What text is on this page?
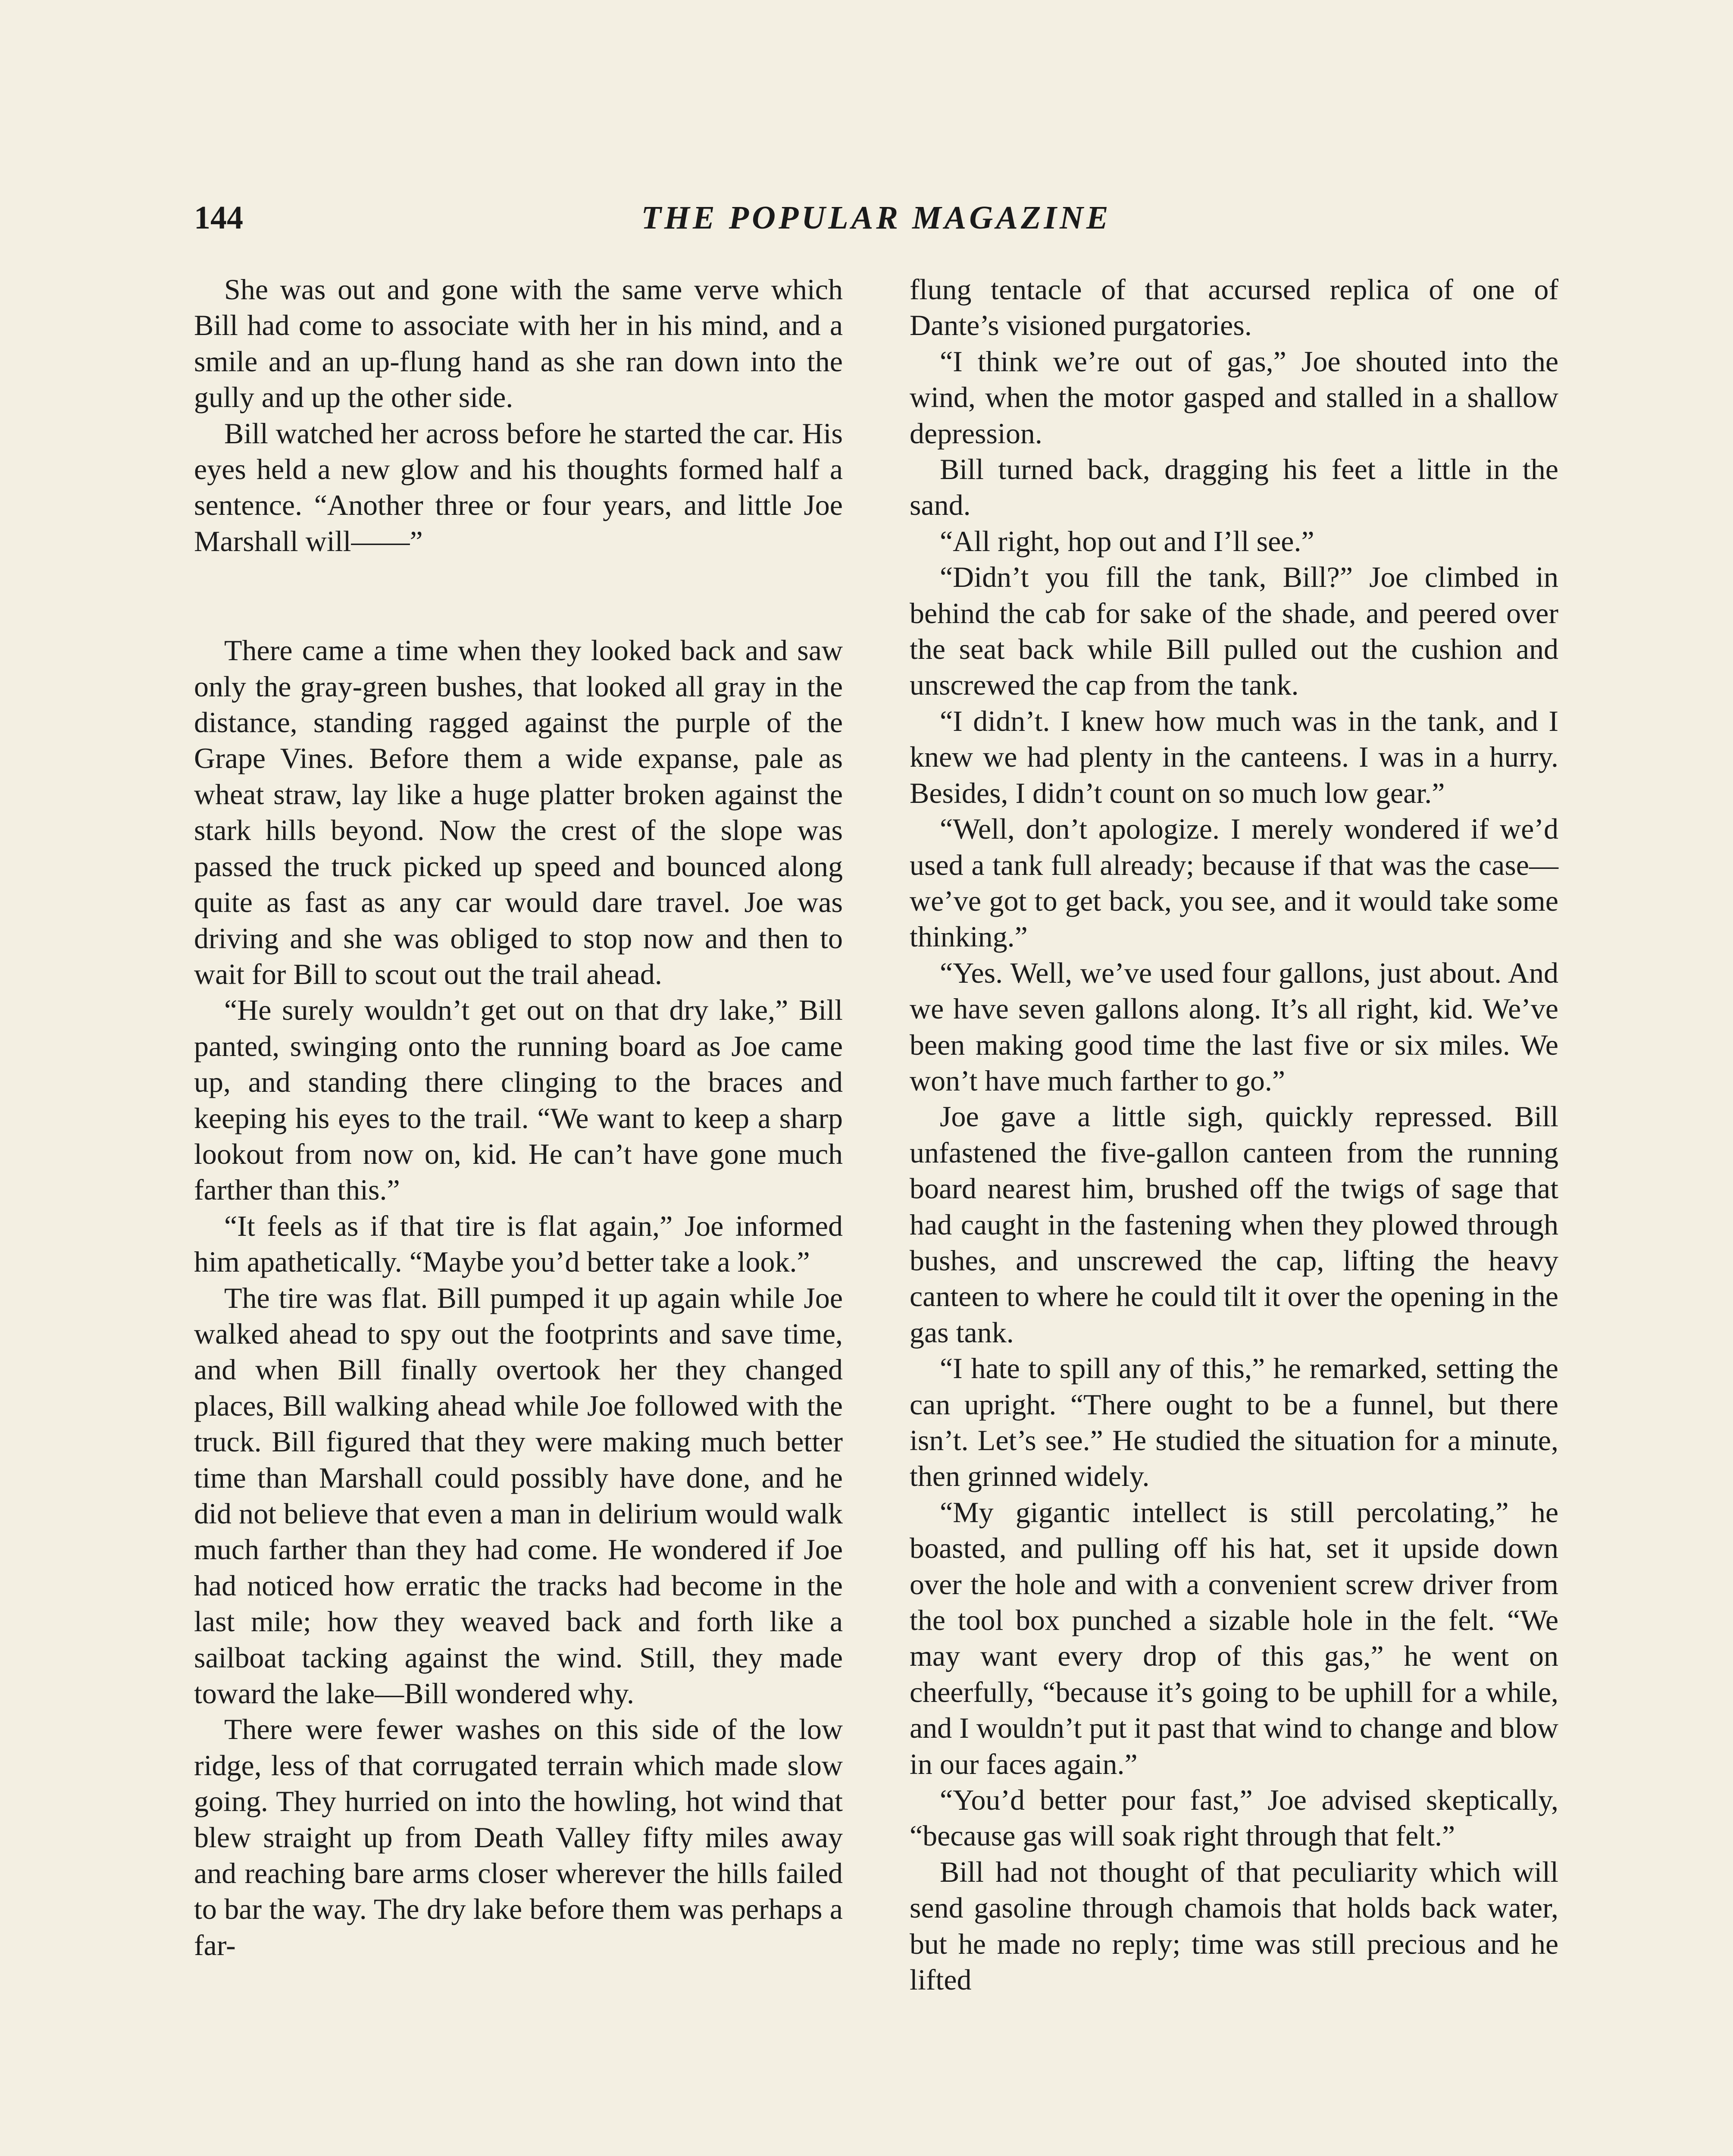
144	THE POPULAR MAGAZINE

She was out and gone with the same verve which Bill had come to associate with her in his mind, and a smile and an up-flung hand as she ran down into the gully and up the other side.

Bill watched her across before he started the car. His eyes held a new glow and his thoughts formed half a sentence. “Another three or four years, and little Joe Marshall will——”

There came a time when they looked back and saw only the gray-green bushes, that looked all gray in the distance, standing ragged against the purple of the Grape Vines. Before them a wide expanse, pale as wheat straw, lay like a huge platter broken against the stark hills beyond. Now the crest of the slope was passed the truck picked up speed and bounced along quite as fast as any car would dare travel. Joe was driving and she was obliged to stop now and then to wait for Bill to scout out the trail ahead.

“He surely wouldn’t get out on that dry lake,” Bill panted, swinging onto the running board as Joe came up, and standing there clinging to the braces and keeping his eyes to the trail. “We want to keep a sharp lookout from now on, kid. He can’t have gone much farther than this.”

“It feels as if that tire is flat again,” Joe informed him apathetically. “Maybe you’d better take a look.”

The tire was flat. Bill pumped it up again while Joe walked ahead to spy out the footprints and save time, and when Bill finally overtook her they changed places, Bill walking ahead while Joe followed with the truck. Bill figured that they were making much better time than Marshall could possibly have done, and he did not believe that even a man in delirium would walk much farther than they had come. He wondered if Joe had noticed how erratic the tracks had become in the last mile; how they weaved back and forth like a sailboat tacking against the wind. Still, they made toward the lake—Bill wondered why.

There were fewer washes on this side of the low ridge, less of that corrugated terrain which made slow going. They hurried on into the howling, hot wind that blew straight up from Death Valley fifty miles away and reaching bare arms closer wherever the hills failed to bar the way. The dry lake before them was perhaps a far-

flung tentacle of that accursed replica of one of Dante’s visioned purgatories.

“I think we’re out of gas,” Joe shouted into the wind, when the motor gasped and stalled in a shallow depression.

Bill turned back, dragging his feet a little in the sand.

“All right, hop out and I’ll see.”

“Didn’t you fill the tank, Bill?” Joe climbed in behind the cab for sake of the shade, and peered over the seat back while Bill pulled out the cushion and unscrewed the cap from the tank.

“I didn’t. I knew how much was in the tank, and I knew we had plenty in the canteens. I was in a hurry. Besides, I didn’t count on so much low gear.”

“Well, don’t apologize. I merely wondered if we’d used a tank full already; because if that was the case—we’ve got to get back, you see, and it would take some thinking.”

“Yes. Well, we’ve used four gallons, just about. And we have seven gallons along. It’s all right, kid. We’ve been making good time the last five or six miles. We won’t have much farther to go.”

Joe gave a little sigh, quickly repressed. Bill unfastened the five-gallon canteen from the running board nearest him, brushed off the twigs of sage that had caught in the fastening when they plowed through bushes, and unscrewed the cap, lifting the heavy canteen to where he could tilt it over the opening in the gas tank.

“I hate to spill any of this,” he remarked, setting the can upright. “There ought to be a funnel, but there isn’t. Let’s see.” He studied the situation for a minute, then grinned widely.

“My gigantic intellect is still percolating,” he boasted, and pulling off his hat, set it upside down over the hole and with a convenient screw driver from the tool box punched a sizable hole in the felt. “We may want every drop of this gas,” he went on cheerfully, “because it’s going to be uphill for a while, and I wouldn’t put it past that wind to change and blow in our faces again.”

“You’d better pour fast,” Joe advised skeptically, “because gas will soak right through that felt.”

Bill had not thought of that peculiarity which will send gasoline through chamois that holds back water, but he made no reply; time was still precious and he lifted
